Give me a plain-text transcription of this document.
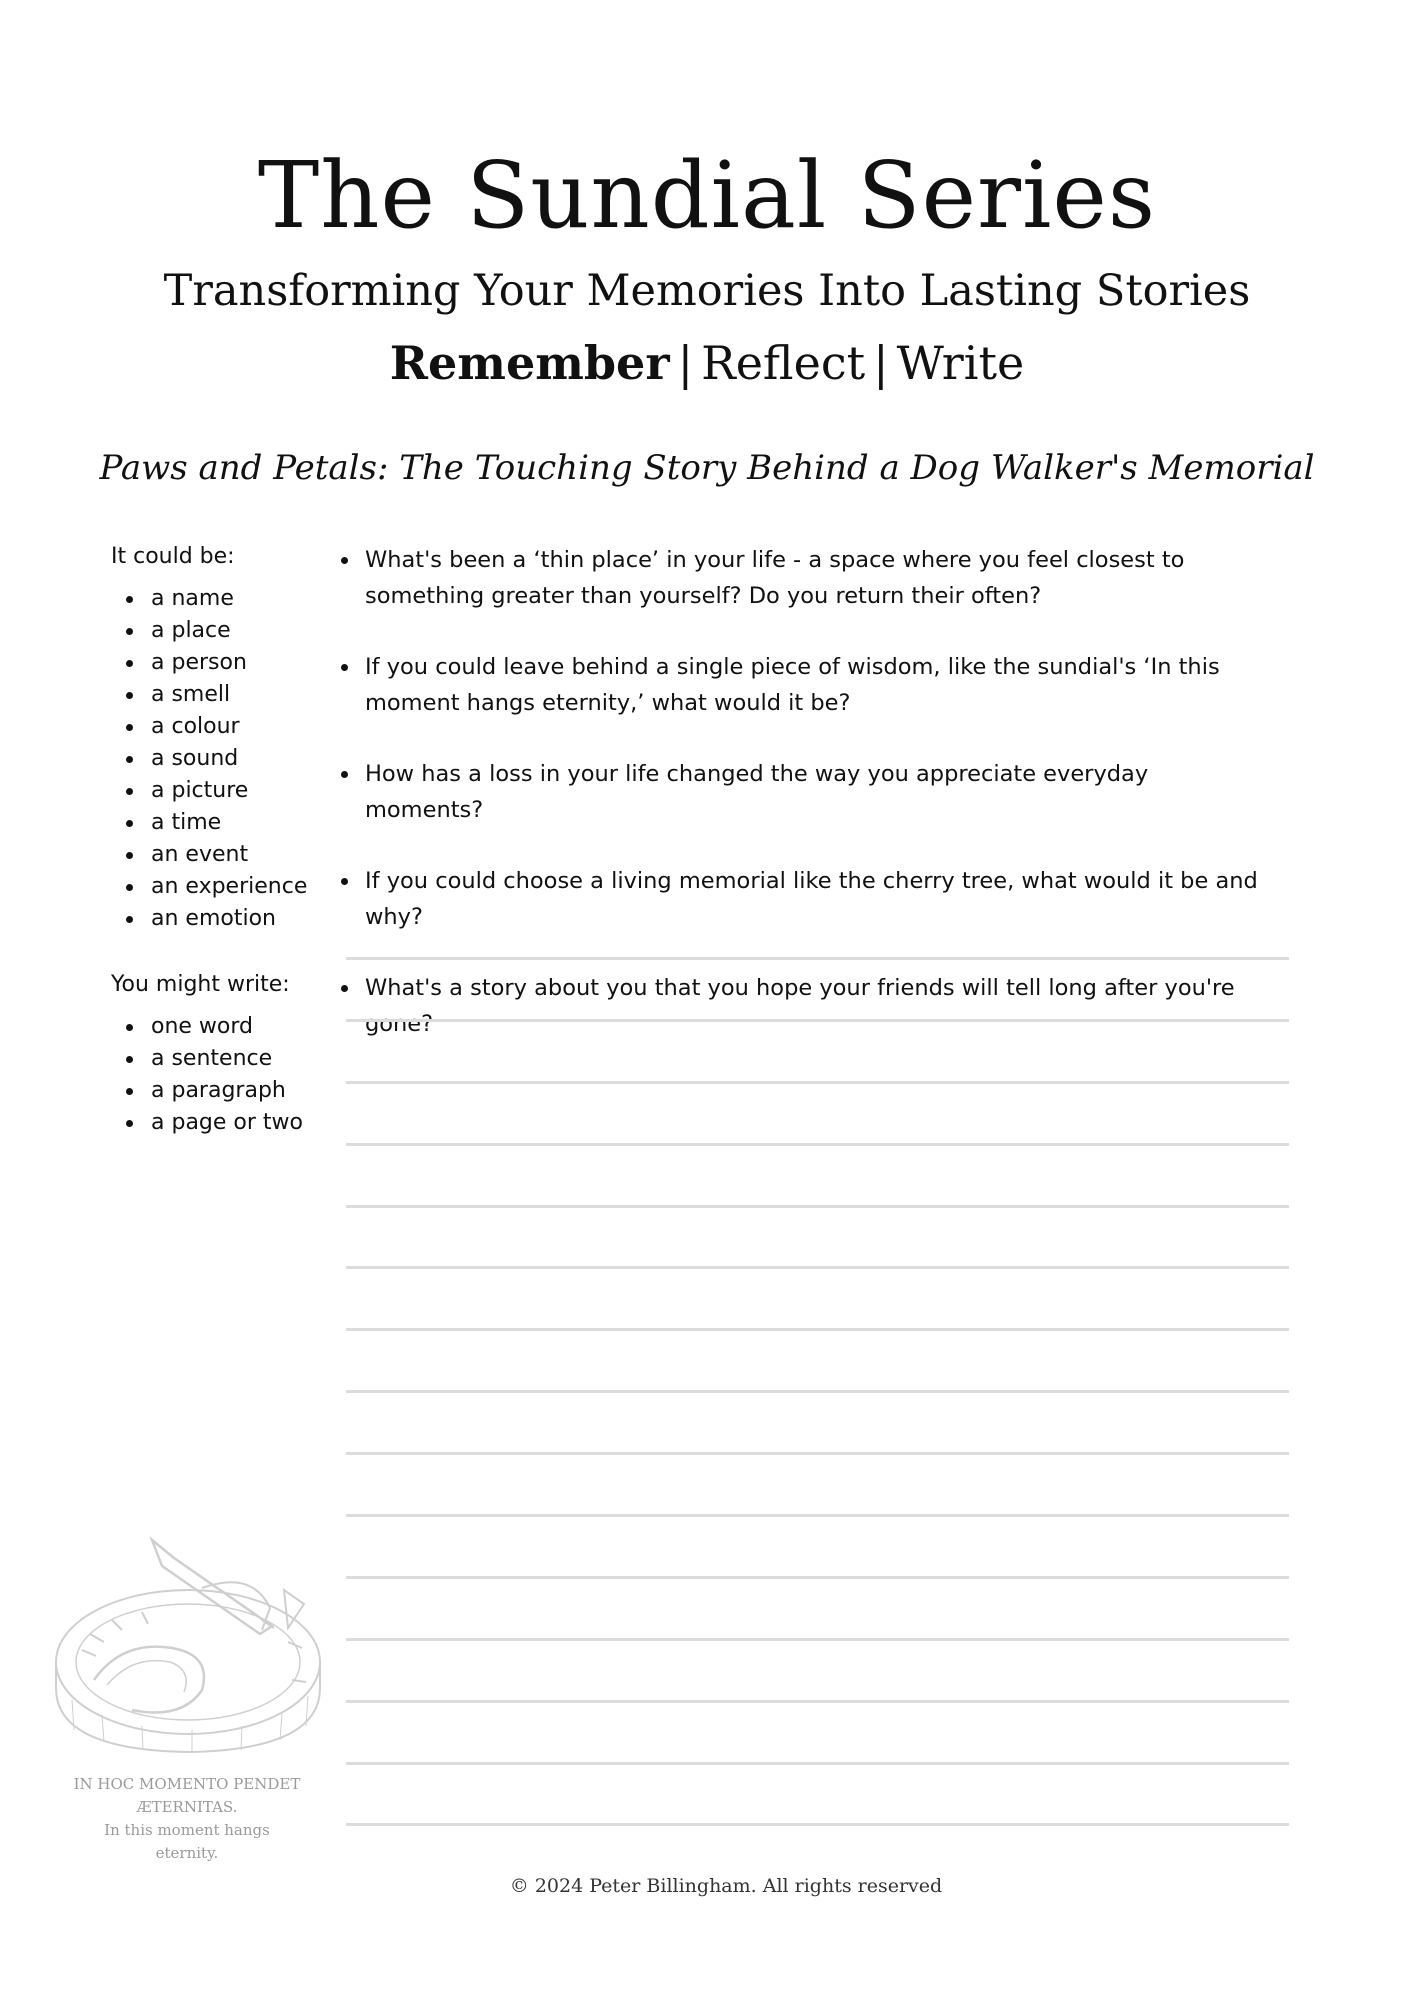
The Sundial Series
Transforming Your Memories Into Lasting Stories
Remember | Reflect | Write
Paws and Petals: The Touching Story Behind a Dog Walker's Memorial
It could be:
a name
a place
a person
a smell
a colour
a sound
a picture
a time
an event
an experience
an emotion
You might write:
one word
a sentence
a paragraph
a page or two
What's been a ‘thin place’ in your life - a space where you feel closest to something greater than yourself? Do you return their often?
If you could leave behind a single piece of wisdom, like the sundial's ‘In this moment hangs eternity,’ what would it be?
How has a loss in your life changed the way you appreciate everyday moments?
If you could choose a living memorial like the cherry tree, what would it be and why?
What's a story about you that you hope your friends will tell long after you're gone?
IN HOC MOMENTO PENDET
ÆTERNITAS.
In this moment hangs
eternity.
© 2024 Peter Billingham. All rights reserved
